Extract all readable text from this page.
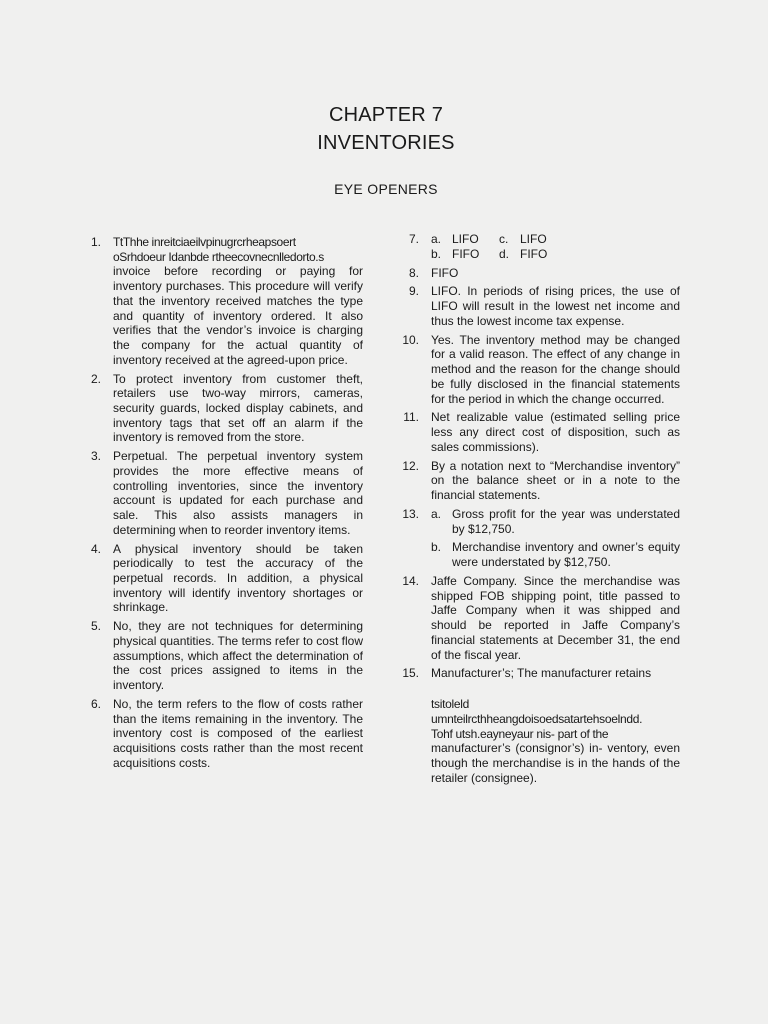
CHAPTER 7
INVENTORIES
EYE OPENERS
1. TtThhe inreitciaeilvpinugrcrheapsoert
oSrhdoeur Idanbde rtheecovnecnlledorto.s
invoice before recording or paying for inventory purchases. This procedure will verify that the inventory received matches the type and quantity of inventory ordered. It also verifies that the vendor’s invoice is charging the company for the actual quantity of inventory received at the agreed-upon price.
2. To protect inventory from customer theft, retailers use two-way mirrors, cameras, security guards, locked display cabinets, and inventory tags that set off an alarm if the inventory is removed from the store.
3. Perpetual. The perpetual inventory system provides the more effective means of controlling inventories, since the inventory account is updated for each purchase and sale. This also assists managers in determining when to reorder inventory items.
4. A physical inventory should be taken periodically to test the accuracy of the perpetual records. In addition, a physical inventory will identify inventory shortages or shrinkage.
5. No, they are not techniques for determining physical quantities. The terms refer to cost flow assumptions, which affect the determination of the cost prices assigned to items in the inventory.
6. No, the term refers to the flow of costs rather than the items remaining in the inventory. The inventory cost is composed of the earliest acquisitions costs rather than the most recent acquisitions costs.
7. a. LIFO	c. LIFO
b. FIFO	d. FIFO
8. FIFO
9. LIFO. In periods of rising prices, the use of LIFO will result in the lowest net income and thus the lowest income tax expense.
10. Yes. The inventory method may be changed for a valid reason. The effect of any change in method and the reason for the change should be fully disclosed in the financial statements for the period in which the change occurred.
11. Net realizable value (estimated selling price less any direct cost of disposition, such as sales commissions).
12. By a notation next to “Merchandise inventory” on the balance sheet or in a note to the financial statements.
13. a. Gross profit for the year was understated by $12,750.
b. Merchandise inventory and owner’s equity were understated by $12,750.
14. Jaffe Company. Since the merchandise was shipped FOB shipping point, title passed to Jaffe Company when it was shipped and should be reported in Jaffe Company’s financial statements at December 31, the end of the fiscal year.
15. Manufacturer’s; The manufacturer retains
tsitoleld
umnteilrcthheangdoisoedsatartehsoelndd.
Tohf utsh.eayneyaur nis- part of the
manufacturer’s (consignor’s) in- ventory, even though the merchandise is in the hands of the retailer (consignee).
